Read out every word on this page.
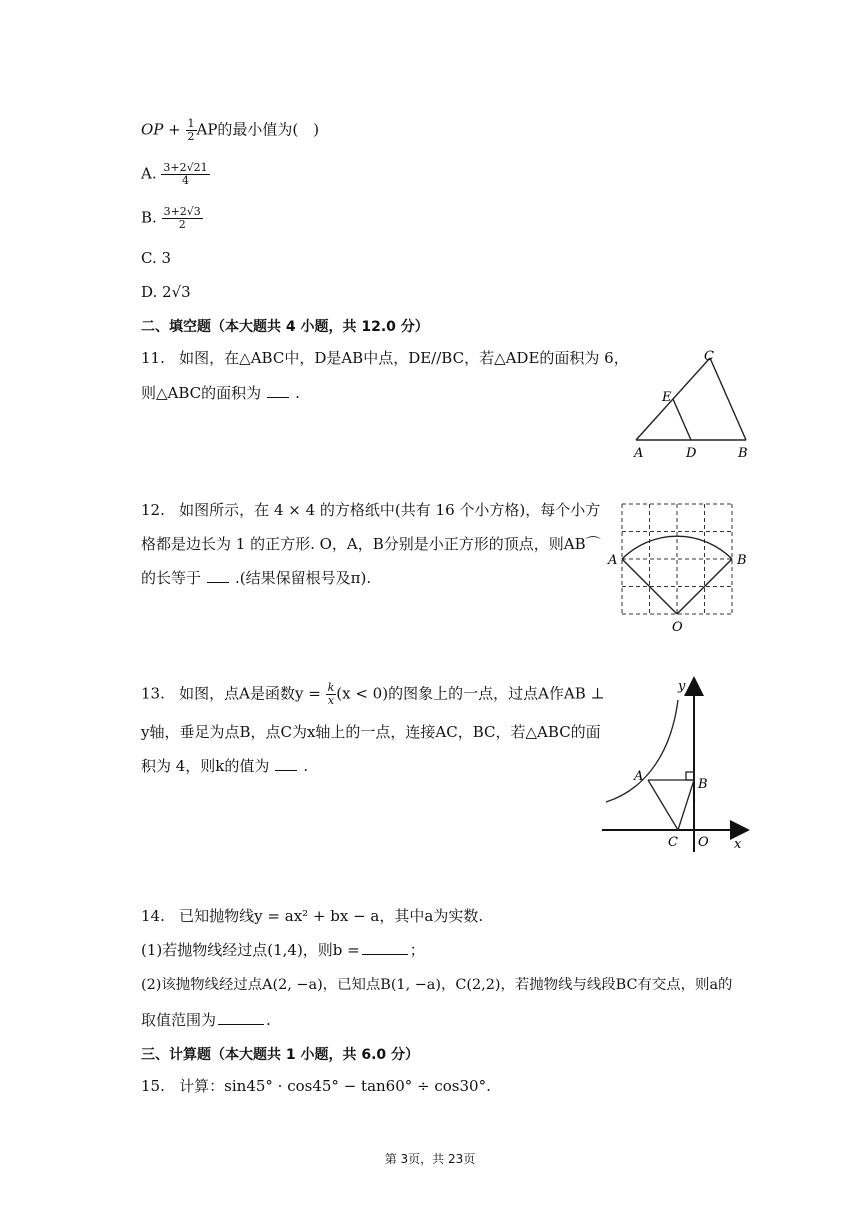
OP + $\frac{1}{2}$ AP的最小值为(　)
A. $\frac{3+2√21}{4}$
B. $\frac{3+2√3}{2}$
C. 3
D. 2√3
二、填空题（本大题共 4 小题，共 12.0 分）
11. 如图，在△ABC中，D是AB中点，DE//BC，若△ADE的面积为 6，
则△ABC的面积为 .
A	D	B
C
E
12. 如图所示，在 4 × 4 的方格纸中(共有 16 个小方格)，每个小方
格都是边长为 1 的正方形. O，A，B分别是小正方形的顶点，则AB⌒
的长等于 .(结果保留根号及π).
A	B
O
13. 如图，点A是函数$y = \frac{k}{x} (x < 0)$的图象上的一点，过点A作AB ⊥
y轴，垂足为点B，点C为x轴上的一点，连接AC，BC，若△ABC的面
积为 4，则k的值为 .
y
x
A
B
C O
14. 已知抛物线y = ax² + bx − a，其中a为实数.
(1)若抛物线经过点(1,4)，则b =	；
(2)该抛物线经过点A(2, −a)，已知点B(1, −a)，C(2,2)，若抛物线与线段BC有交点，则a的
取值范围为	.
三、计算题（本大题共 1 小题，共 6.0 分）
15. 计算：sin45° · cos45° − tan60° ÷ cos30°.
第 3页，共 23页
